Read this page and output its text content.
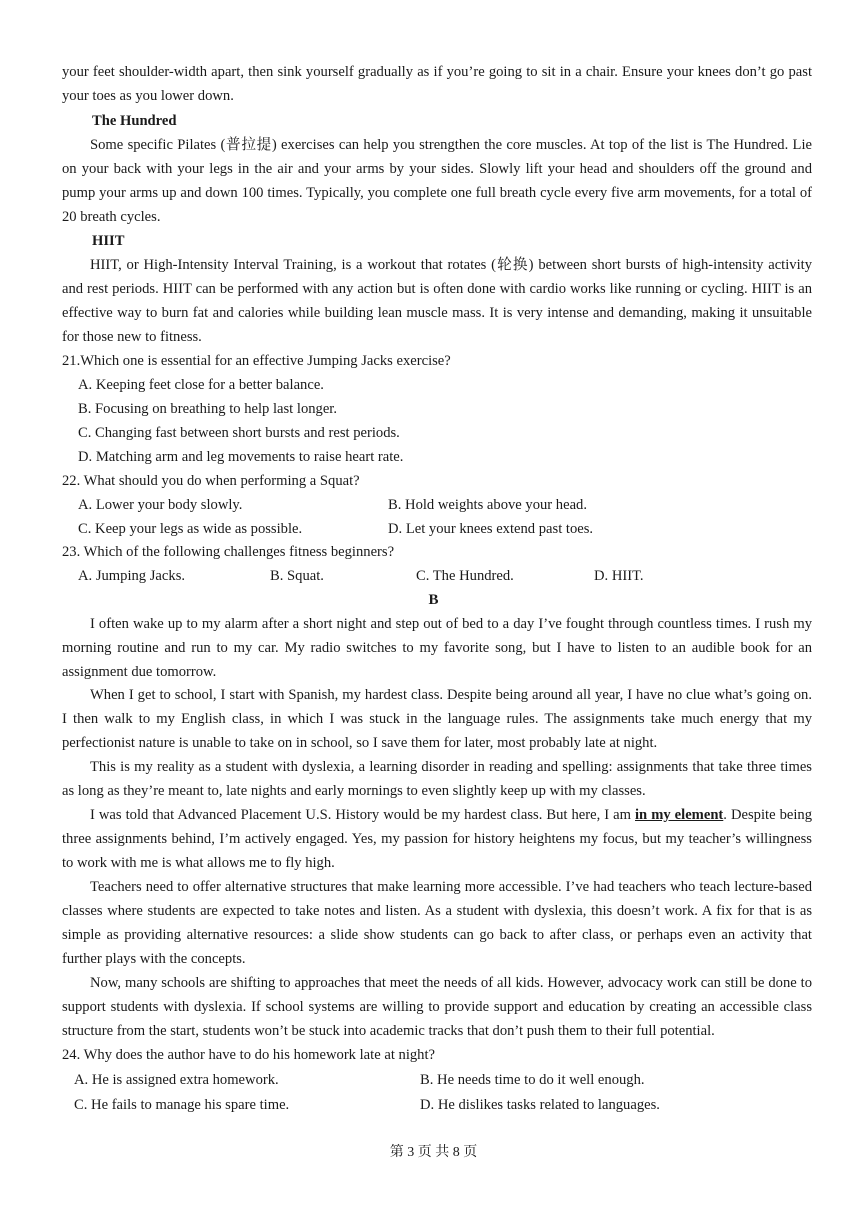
your feet shoulder-width apart, then sink yourself gradually as if you’re going to sit in a chair. Ensure your knees don’t go past your toes as you lower down.

The Hundred

Some specific Pilates (普拉提) exercises can help you strengthen the core muscles. At top of the list is The Hundred. Lie on your back with your legs in the air and your arms by your sides. Slowly lift your head and shoulders off the ground and pump your arms up and down 100 times. Typically, you complete one full breath cycle every five arm movements, for a total of 20 breath cycles.

HIIT

HIIT, or High-Intensity Interval Training, is a workout that rotates (轮换) between short bursts of high-intensity activity and rest periods. HIIT can be performed with any action but is often done with cardio works like running or cycling. HIIT is an effective way to burn fat and calories while building lean muscle mass. It is very intense and demanding, making it unsuitable for those new to fitness.

21.Which one is essential for an effective Jumping Jacks exercise?

A. Keeping feet close for a better balance.

B. Focusing on breathing to help last longer.

C. Changing fast between short bursts and rest periods.

D. Matching arm and leg movements to raise heart rate.

22. What should you do when performing a Squat?

A. Lower your body slowly.	B. Hold weights above your head.

C. Keep your legs as wide as possible.	D. Let your knees extend past toes.

23. Which of the following challenges fitness beginners?

A. Jumping Jacks.	B. Squat.	C. The Hundred.	D. HIIT.

B

I often wake up to my alarm after a short night and step out of bed to a day I’ve fought through countless times. I rush my morning routine and run to my car. My radio switches to my favorite song, but I have to listen to an audible book for an assignment due tomorrow.

When I get to school, I start with Spanish, my hardest class. Despite being around all year, I have no clue what’s going on. I then walk to my English class, in which I was stuck in the language rules. The assignments take much energy that my perfectionist nature is unable to take on in school, so I save them for later, most probably late at night.

This is my reality as a student with dyslexia, a learning disorder in reading and spelling: assignments that take three times as long as they’re meant to, late nights and early mornings to even slightly keep up with my classes.

I was told that Advanced Placement U.S. History would be my hardest class. But here, I am in my element. Despite being three assignments behind, I’m actively engaged. Yes, my passion for history heightens my focus, but my teacher’s willingness to work with me is what allows me to fly high.

Teachers need to offer alternative structures that make learning more accessible. I’ve had teachers who teach lecture-based classes where students are expected to take notes and listen. As a student with dyslexia, this doesn’t work. A fix for that is as simple as providing alternative resources: a slide show students can go back to after class, or perhaps even an activity that further plays with the concepts.

Now, many schools are shifting to approaches that meet the needs of all kids. However, advocacy work can still be done to support students with dyslexia. If school systems are willing to provide support and education by creating an accessible class structure from the start, students won’t be stuck into academic tracks that don’t push them to their full potential.

24. Why does the author have to do his homework late at night?

A. He is assigned extra homework.	B. He needs time to do it well enough.

C. He fails to manage his spare time.	D. He dislikes tasks related to languages.

第 3 页 共 8 页
